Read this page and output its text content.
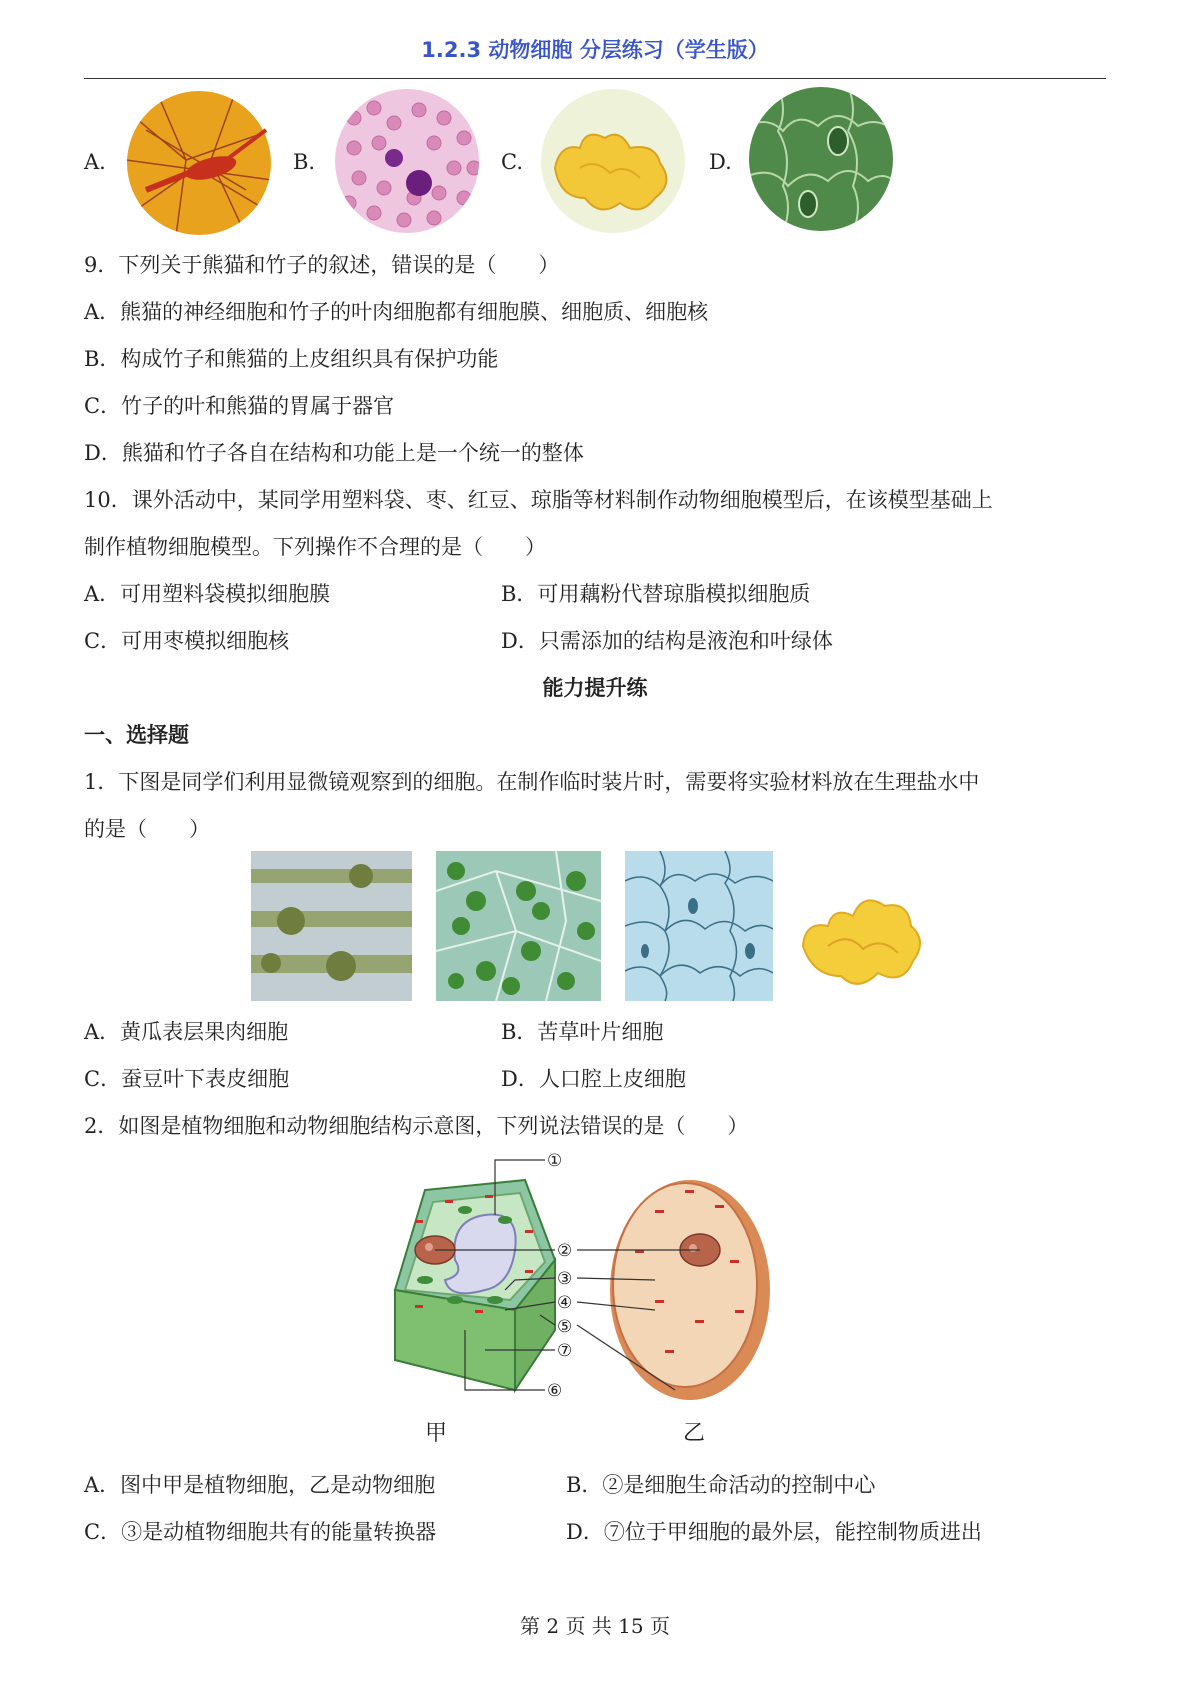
1.2.3 动物细胞 分层练习（学生版）
A.	B.	C.	D.
9．下列关于熊猫和竹子的叙述，错误的是（　　）
A．熊猫的神经细胞和竹子的叶肉细胞都有细胞膜、细胞质、细胞核
B．构成竹子和熊猫的上皮组织具有保护功能
C．竹子的叶和熊猫的胃属于器官
D．熊猫和竹子各自在结构和功能上是一个统一的整体
10．课外活动中，某同学用塑料袋、枣、红豆、琼脂等材料制作动物细胞模型后，在该模型基础上
制作植物细胞模型。下列操作不合理的是（　　）
A．可用塑料袋模拟细胞膜	B．可用藕粉代替琼脂模拟细胞质
C．可用枣模拟细胞核	D．只需添加的结构是液泡和叶绿体
能力提升练
一、选择题
1．下图是同学们利用显微镜观察到的细胞。在制作临时装片时，需要将实验材料放在生理盐水中
的是（　　）
A．黄瓜表层果肉细胞	B．苦草叶片细胞
C．蚕豆叶下表皮细胞	D．人口腔上皮细胞
2．如图是植物细胞和动物细胞结构示意图，下列说法错误的是（　　）
①
②
③
④
⑤
⑦
⑥
甲	乙
A．图中甲是植物细胞，乙是动物细胞	B．②是细胞生命活动的控制中心
C．③是动植物细胞共有的能量转换器	D．⑦位于甲细胞的最外层，能控制物质进出
第 2 页 共 15 页
